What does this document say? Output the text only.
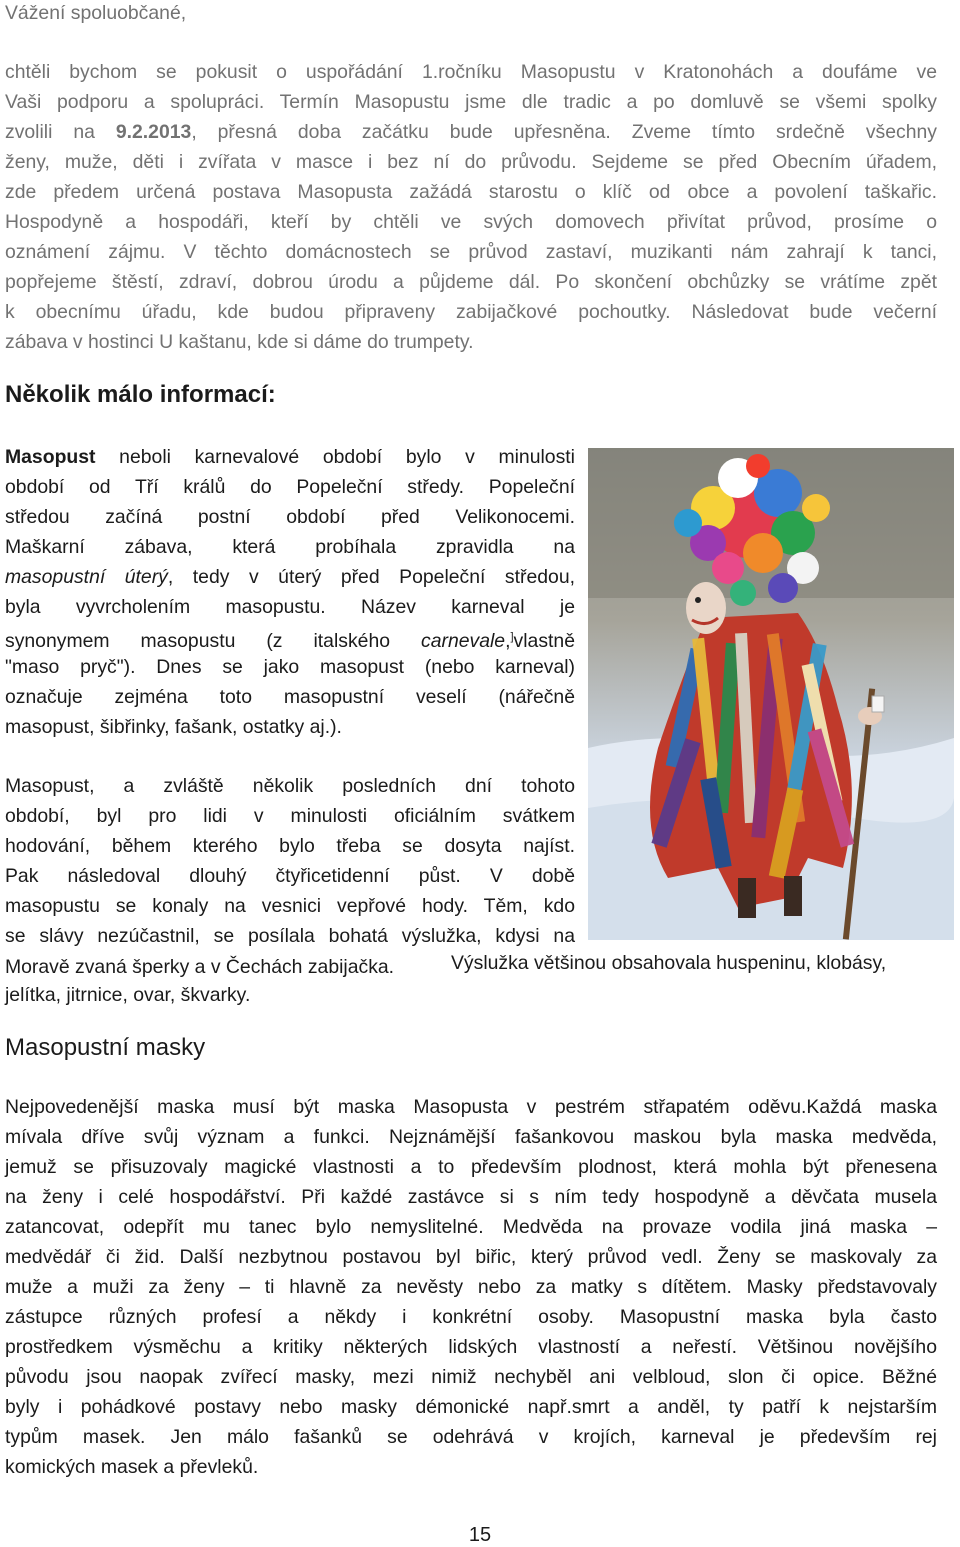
Vážení spoluobčané,
chtěli bychom se pokusit o uspořádání 1.ročníku Masopustu v Kratonohách a doufáme ve
Vaši podporu a spolupráci. Termín Masopustu jsme dle tradic a po domluvě se všemi spolky
zvolili na 9.2.2013, přesná doba začátku bude upřesněna. Zveme tímto srdečně všechny
ženy, muže, děti i zvířata v masce i bez ní do průvodu. Sejdeme se před Obecním úřadem,
zde předem určená postava Masopusta zažádá starostu o klíč od obce a povolení taškařic.
Hospodyně a hospodáři, kteří by chtěli ve svých domovech přivítat průvod, prosíme o
oznámení zájmu. V těchto domácnostech se průvod zastaví, muzikanti nám zahrají k tanci,
popřejeme štěstí, zdraví, dobrou úrodu a půjdeme dál. Po skončení obchůzky se vrátíme zpět
k obecnímu úřadu, kde budou připraveny zabijačkové pochoutky. Následovat bude večerní
zábava v hostinci U kaštanu, kde si dáme do trumpety.
Několik málo informací:
Masopust neboli karnevalové období bylo v minulosti
období od Tří králů do Popeleční středy. Popeleční
středou začíná postní období před Velikonocemi.
Maškarní zábava, která probíhala zpravidla na
masopustní úterý, tedy v úterý před Popeleční středou,
byla vyvrcholením masopustu. Název karneval je
synonymem masopustu (z italského carnevale,]vlastně
"maso pryč"). Dnes se jako masopust (nebo karneval)
označuje zejména toto masopustní veselí (nářečně
masopust, šibřinky, fašank, ostatky aj.).
Masopust, a zvláště několik posledních dní tohoto
období, byl pro lidi v minulosti oficiálním svátkem
hodování, během kterého bylo třeba se dosyta najíst.
Pak následoval dlouhý čtyřicetidenní půst. V době
masopustu se konaly na vesnici vepřové hody. Těm, kdo
se slávy nezúčastnil, se posílala bohatá výslužka, kdysi na
Moravě zvaná šperky a v Čechách zabijačka.	Výslužka většinou obsahovala huspeninu, klobásy,
jelítka, jitrnice, ovar, škvarky.
Masopustní masky
Nejpovedenější maska musí být maska Masopusta v pestrém střapatém oděvu.Každá maska
mívala dříve svůj význam a funkci. Nejznámější fašankovou maskou byla maska medvěda,
jemuž se přisuzovaly magické vlastnosti a to především plodnost, která mohla být přenesena
na ženy i celé hospodářství. Při každé zastávce si s ním tedy hospodyně a děvčata musela
zatancovat, odepřít mu tanec bylo nemyslitelné. Medvěda na provaze vodila jiná maska –
medvědář či žid. Další nezbytnou postavou byl biřic, který průvod vedl. Ženy se maskovaly za
muže a muži za ženy – ti hlavně za nevěsty nebo za matky s dítětem. Masky představovaly
zástupce různých profesí a někdy i konkrétní osoby. Masopustní maska byla často
prostředkem výsměchu a kritiky některých lidských vlastností a neřestí. Většinou novějšího
původu jsou naopak zvířecí masky, mezi nimiž nechyběl ani velbloud, slon či opice. Běžné
byly i pohádkové postavy nebo masky démonické např.smrt a anděl, ty patří k nejstarším
typům masek. Jen málo fašanků se odehrává v krojích, karneval je především rej
komických masek a převleků.
15
